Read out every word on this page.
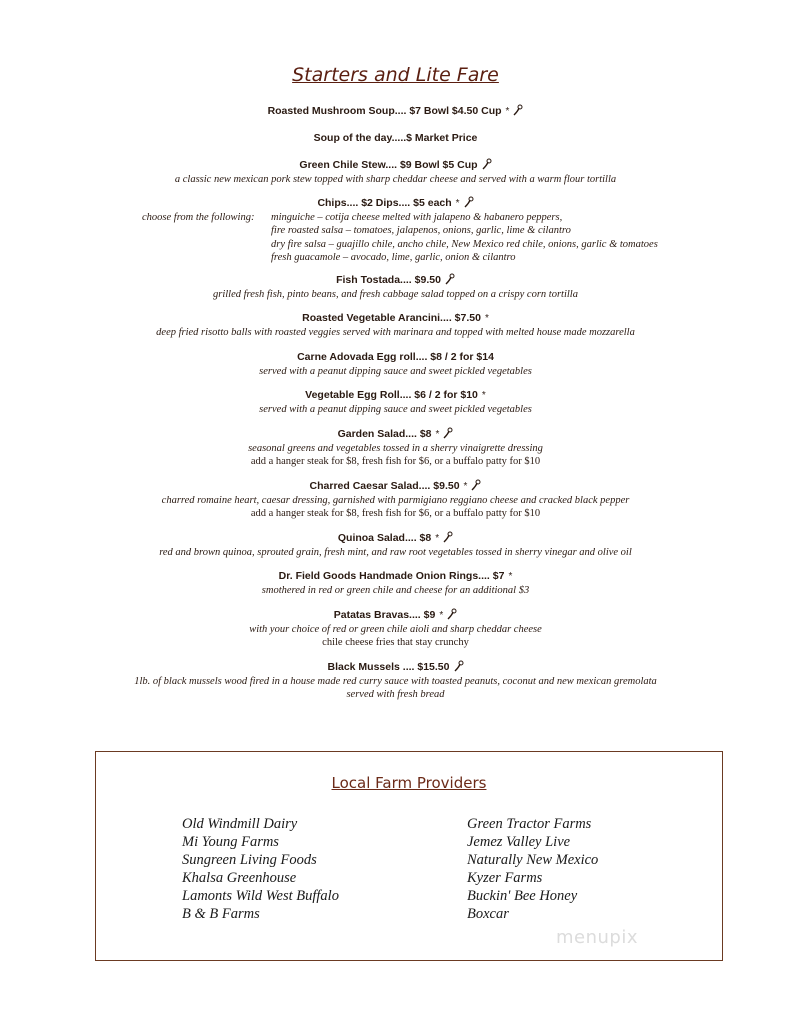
Starters and Lite Fare
Roasted Mushroom Soup.... $7 Bowl $4.50 Cup *
Soup of the day.....$ Market Price
Green Chile Stew.... $9 Bowl $5 Cup
a classic new mexican pork stew topped with sharp cheddar cheese and served with a warm flour tortilla
Chips.... $2 Dips.... $5 each *
choose from the following: minguiche – cotija cheese melted with jalapeno & habanero peppers,
fire roasted salsa – tomatoes, jalapenos, onions, garlic, lime & cilantro
dry fire salsa – guajillo chile, ancho chile, New Mexico red chile, onions, garlic & tomatoes
fresh guacamole – avocado, lime, garlic, onion & cilantro
Fish Tostada.... $9.50
grilled fresh fish, pinto beans, and fresh cabbage salad topped on a crispy corn tortilla
Roasted Vegetable Arancini.... $7.50 *
deep fried risotto balls with roasted veggies served with marinara and topped with melted house made mozzarella
Carne Adovada Egg roll.... $8 / 2 for $14
served with a peanut dipping sauce and sweet pickled vegetables
Vegetable Egg Roll.... $6 / 2 for $10 *
served with a peanut dipping sauce and sweet pickled vegetables
Garden Salad.... $8 *
seasonal greens and vegetables tossed in a sherry vinaigrette dressing
add a hanger steak for $8, fresh fish for $6, or a buffalo patty for $10
Charred Caesar Salad.... $9.50 *
charred romaine heart, caesar dressing, garnished with parmigiano reggiano cheese and cracked black pepper
add a hanger steak for $8, fresh fish for $6, or a buffalo patty for $10
Quinoa Salad.... $8 *
red and brown quinoa, sprouted grain, fresh mint, and raw root vegetables tossed in sherry vinegar and olive oil
Dr. Field Goods Handmade Onion Rings.... $7 *
smothered in red or green chile and cheese for an additional $3
Patatas Bravas.... $9 *
with your choice of red or green chile aioli and sharp cheddar cheese
chile cheese fries that stay crunchy
Black Mussels .... $15.50
1lb. of black mussels wood fired in a house made red curry sauce with toasted peanuts, coconut and new mexican gremolata
served with fresh bread
Local Farm Providers
Old Windmill Dairy
Mi Young Farms
Sungreen Living Foods
Khalsa Greenhouse
Lamonts Wild West Buffalo
B & B Farms
Green Tractor Farms
Jemez Valley Live
Naturally New Mexico
Kyzer Farms
Buckin' Bee Honey
Boxcar
menupix
